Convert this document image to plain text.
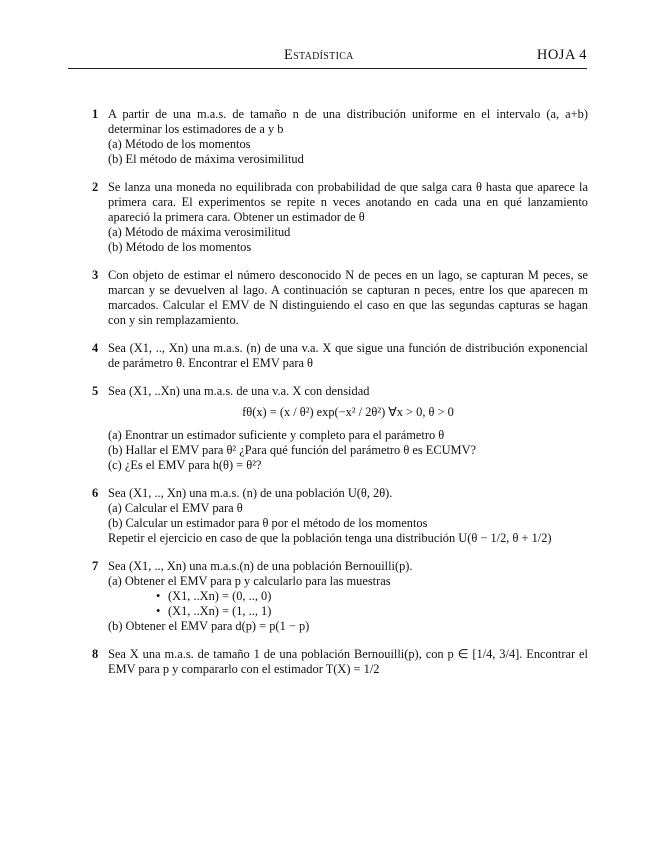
Estadística	HOJA 4
1 A partir de una m.a.s. de tamaño n de una distribución uniforme en el intervalo (a, a+b) determinar los estimadores de a y b
(a) Método de los momentos
(b) El método de máxima verosimilitud
2 Se lanza una moneda no equilibrada con probabilidad de que salga cara θ hasta que aparece la primera cara. El experimentos se repite n veces anotando en cada una en qué lanzamiento apareció la primera cara. Obtener un estimador de θ
(a) Método de máxima verosimilitud
(b) Método de los momentos
3 Con objeto de estimar el número desconocido N de peces en un lago, se capturan M peces, se marcan y se devuelven al lago. A continuación se capturan n peces, entre los que aparecen m marcados. Calcular el EMV de N distinguiendo el caso en que las segundas capturas se hagan con y sin remplazamiento.
4 Sea (X1, .., Xn) una m.a.s. (n) de una v.a. X que sigue una función de distribución exponencial de parámetro θ. Encontrar el EMV para θ
5 Sea (X1, ..Xn) una m.a.s. de una v.a. X con densidad
fθ(x) = (x / θ²) exp(−x² / 2θ²) ∀x > 0, θ > 0
(a) Enontrar un estimador suficiente y completo para el parámetro θ
(b) Hallar el EMV para θ² ¿Para qué función del parámetro θ es ECUMV?
(c) ¿Es el EMV para h(θ) = θ²?
6 Sea (X1, .., Xn) una m.a.s. (n) de una población U(θ, 2θ).
(a) Calcular el EMV para θ
(b) Calcular un estimador para θ por el método de los momentos
Repetir el ejercicio en caso de que la población tenga una distribución U(θ − 1/2, θ + 1/2)
7 Sea (X1, .., Xn) una m.a.s.(n) de una población Bernouilli(p).
(a) Obtener el EMV para p y calcularlo para las muestras
• (X1, ..Xn) = (0, .., 0)
• (X1, ..Xn) = (1, .., 1)
(b) Obtener el EMV para d(p) = p(1 − p)
8 Sea X una m.a.s. de tamaño 1 de una población Bernouilli(p), con p ∈ [1/4, 3/4]. Encontrar el EMV para p y compararlo con el estimador T(X) = 1/2
